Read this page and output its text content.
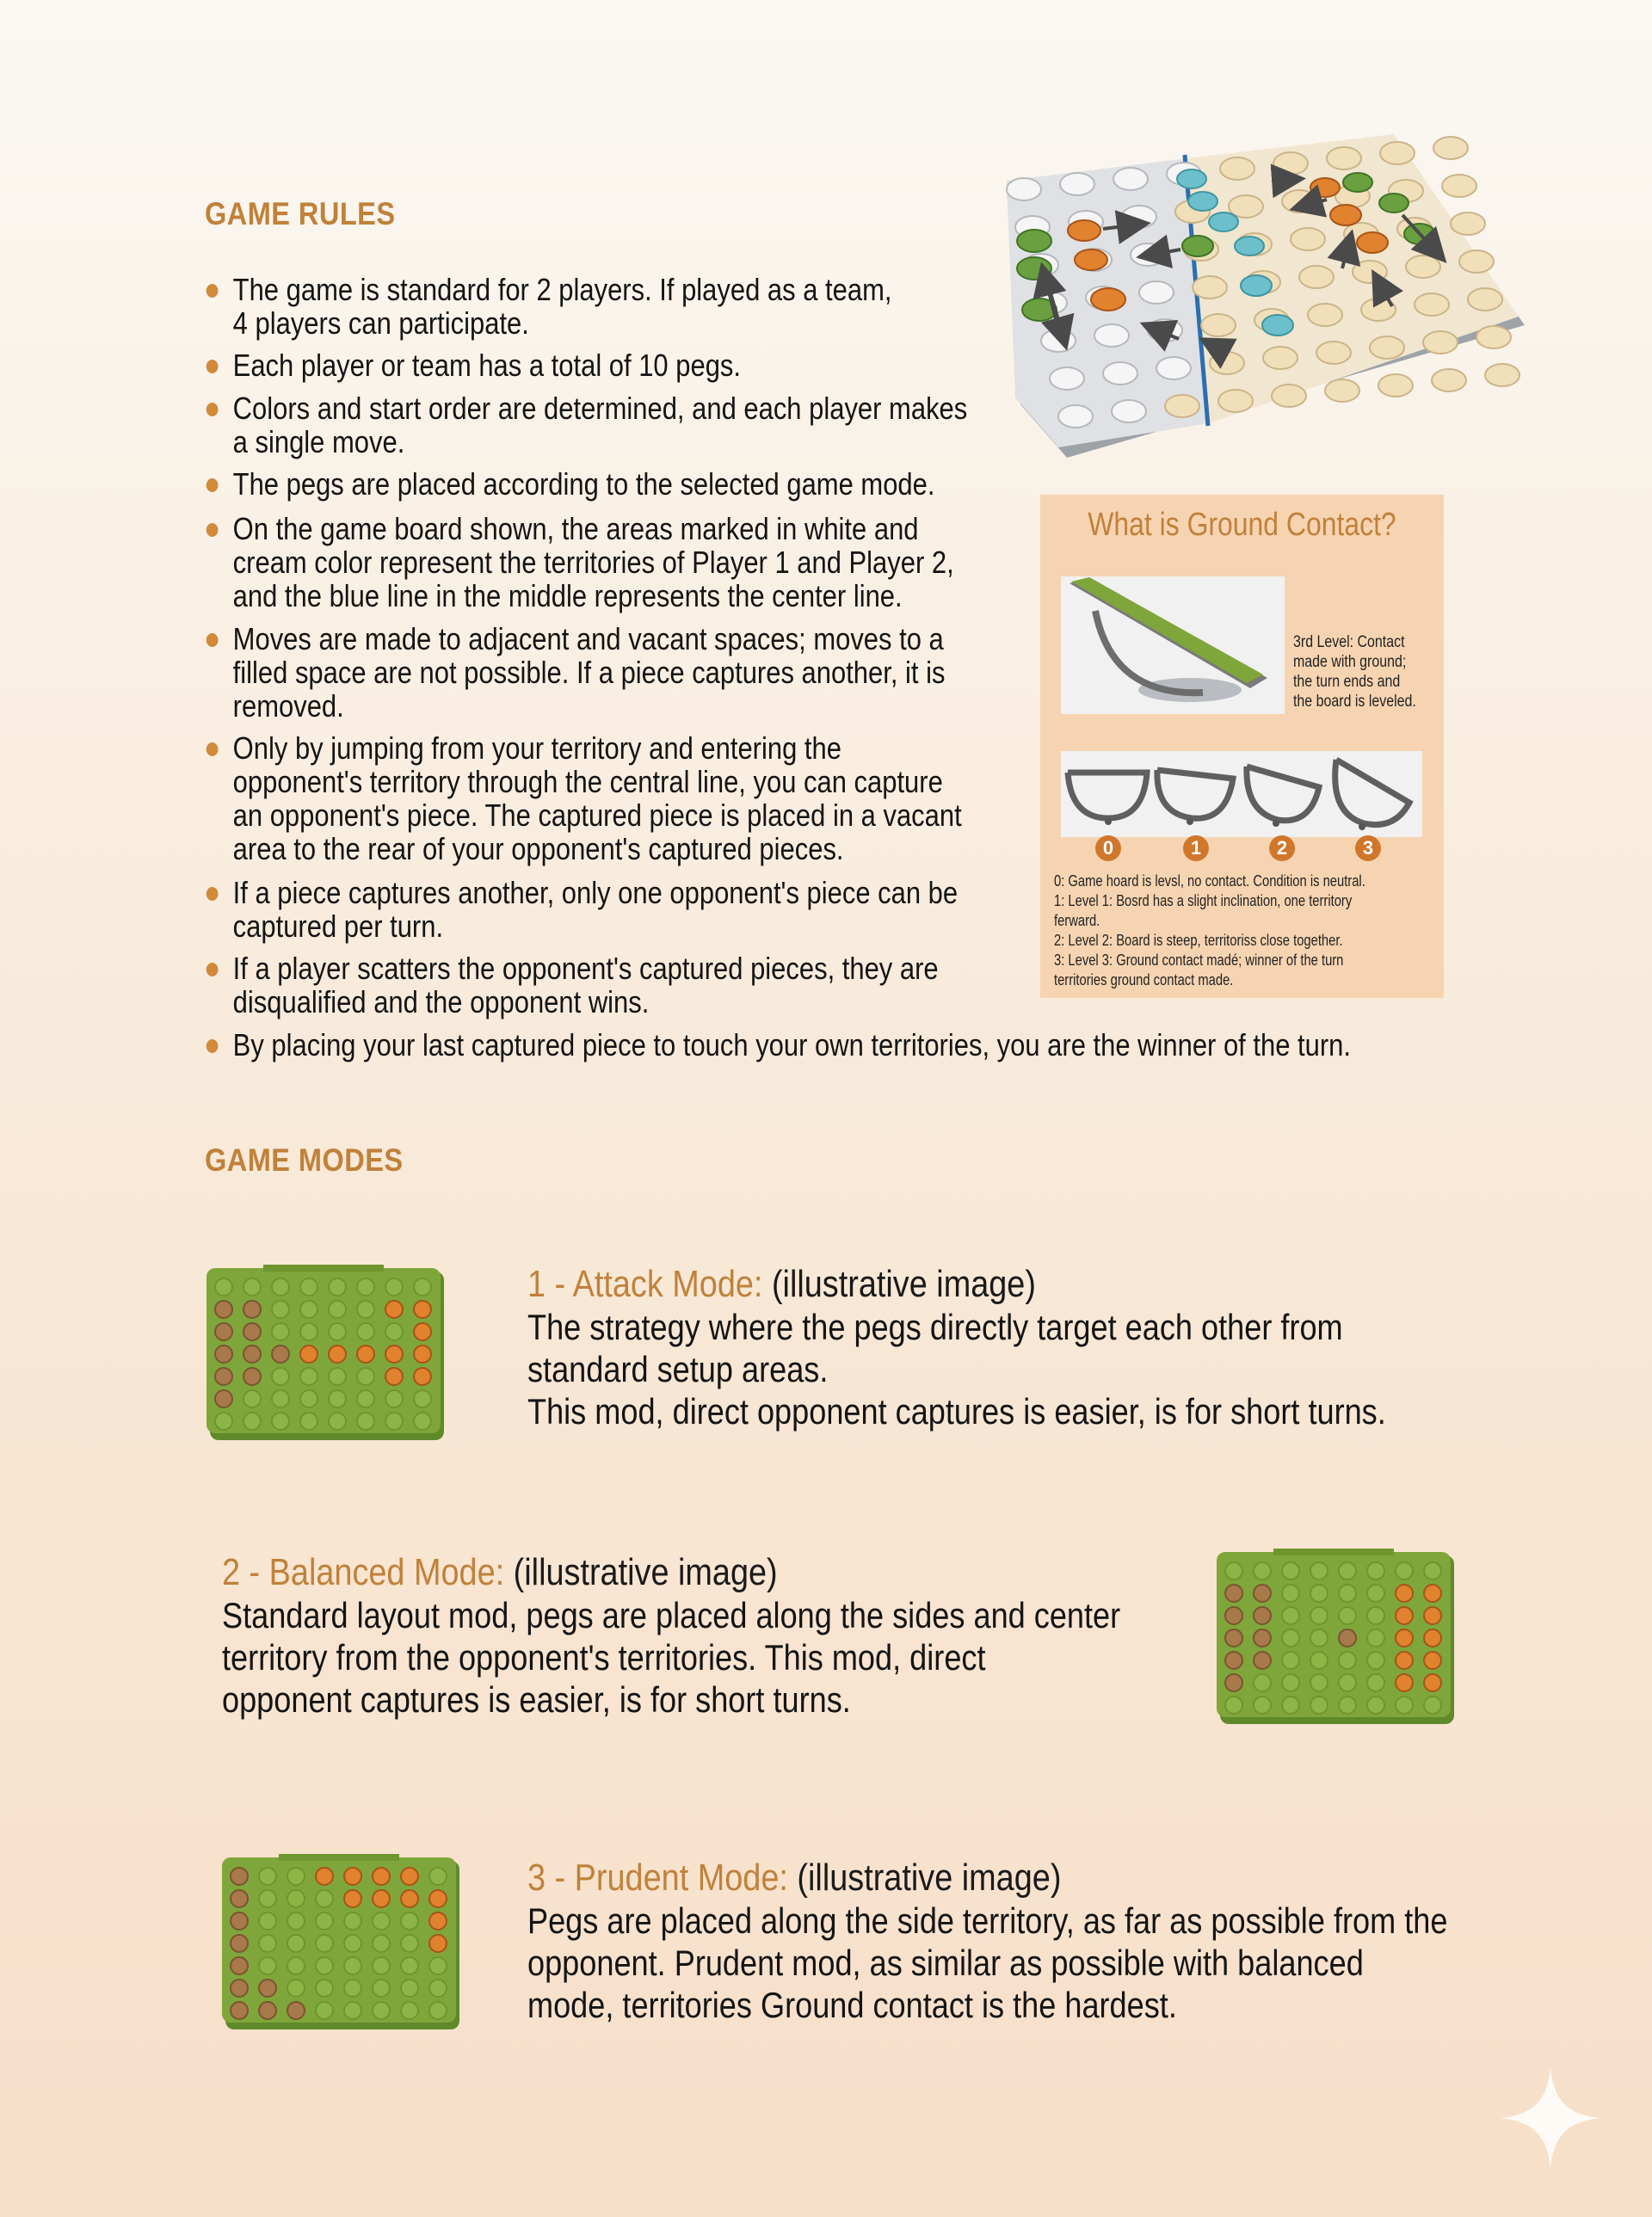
GAME RULES
The game is standard for 2 players. If played as a team,
4 players can participate.
Each player or team has a total of 10 pegs.
Colors and start order are determined, and each player makes
a single move.
The pegs are placed according to the selected game mode.
On the game board shown, the areas marked in white and
cream color represent the territories of Player 1 and Player 2,
and the blue line in the middle represents the center line.
Moves are made to adjacent and vacant spaces; moves to a
filled space are not possible. If a piece captures another, it is
removed.
Only by jumping from your territory and entering the
opponent's territory through the central line, you can capture
an opponent's piece. The captured piece is placed in a vacant
area to the rear of your opponent's captured pieces.
If a piece captures another, only one opponent's piece can be
captured per turn.
If a player scatters the opponent's captured pieces, they are
disqualified and the opponent wins.
By placing your last captured piece to touch your own territories, you are the winner of the turn.
What is Ground Contact?
3rd Level: Contact
made with ground;
the turn ends and
the board is leveled.
0	1	2	3
0: Game hoard is levsl, no contact. Condition is neutral.
1: Level 1: Bosrd has a slight inclination, one territory
ferward.
2: Level 2: Board is steep, territoriss close together.
3: Level 3: Ground contact madé; winner of the turn
territories ground contact made.
GAME MODES
1 - Attack Mode: (illustrative image)
The strategy where the pegs directly target each other from
standard setup areas.
This mod, direct opponent captures is easier, is for short turns.
2 - Balanced Mode: (illustrative image)
Standard layout mod, pegs are placed along the sides and center
territory from the opponent's territories. This mod, direct
opponent captures is easier, is for short turns.
3 - Prudent Mode: (illustrative image)
Pegs are placed along the side territory, as far as possible from the
opponent. Prudent mod, as similar as possible with balanced
mode, territories Ground contact is the hardest.
